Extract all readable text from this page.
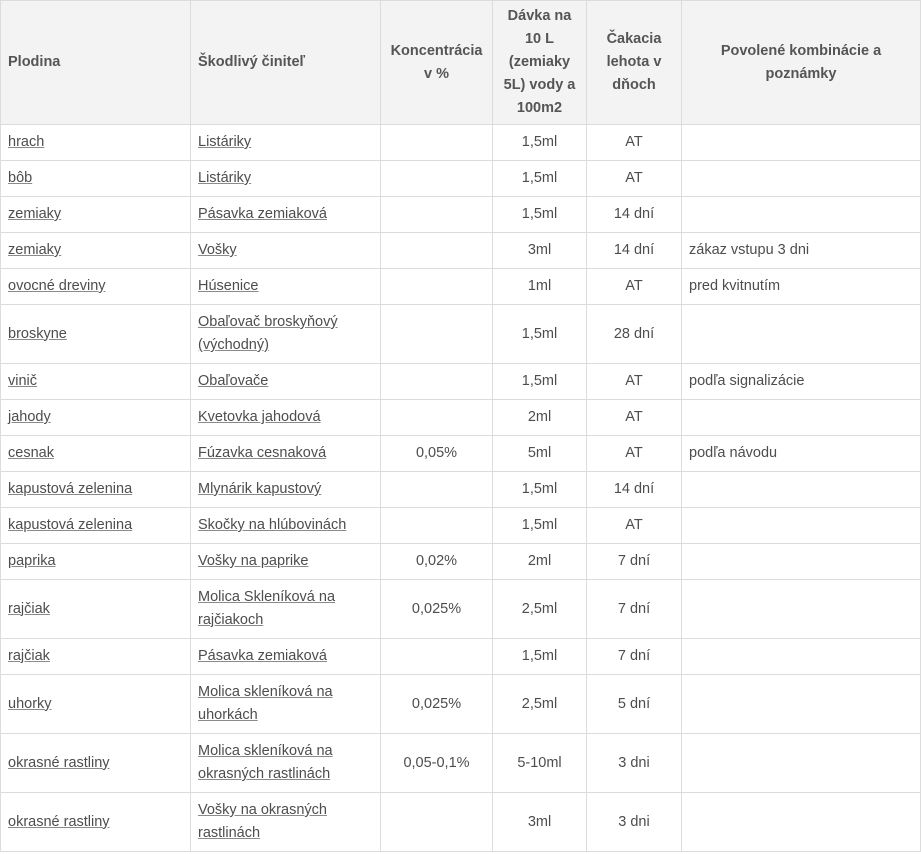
Plodina	Škodlivý činiteľ	Koncentrácia v %	Dávka na 10 L (zemiaky 5L) vody a 100m2	Čakacia lehota v dňoch	Povolené kombinácie a poznámky
hrach	Listáriky		1,5ml	AT	
bôb	Listáriky		1,5ml	AT	
zemiaky	Pásavka zemiaková		1,5ml	14 dní	
zemiaky	Vošky		3ml	14 dní	zákaz vstupu 3 dni
ovocné dreviny	Húsenice		1ml	AT	pred kvitnutím
broskyne	Obaľovač broskyňový (východný)		1,5ml	28 dní	
vinič	Obaľovače		1,5ml	AT	podľa signalizácie
jahody	Kvetovka jahodová		2ml	AT	
cesnak	Fúzavka cesnaková	0,05%	5ml	AT	podľa návodu
kapustová zelenina	Mlynárik kapustový		1,5ml	14 dní	
kapustová zelenina	Skočky na hlúbovinách		1,5ml	AT	
paprika	Vošky na paprike	0,02%	2ml	7 dní	
rajčiak	Molica Skleníková na rajčiakoch	0,025%	2,5ml	7 dní	
rajčiak	Pásavka zemiaková		1,5ml	7 dní	
uhorky	Molica skleníková na uhorkách	0,025%	2,5ml	5 dní	
okrasné rastliny	Molica skleníková na okrasných rastlinách	0,05-0,1%	5-10ml	3 dni	
okrasné rastliny	Vošky na okrasných rastlinách		3ml	3 dni	
